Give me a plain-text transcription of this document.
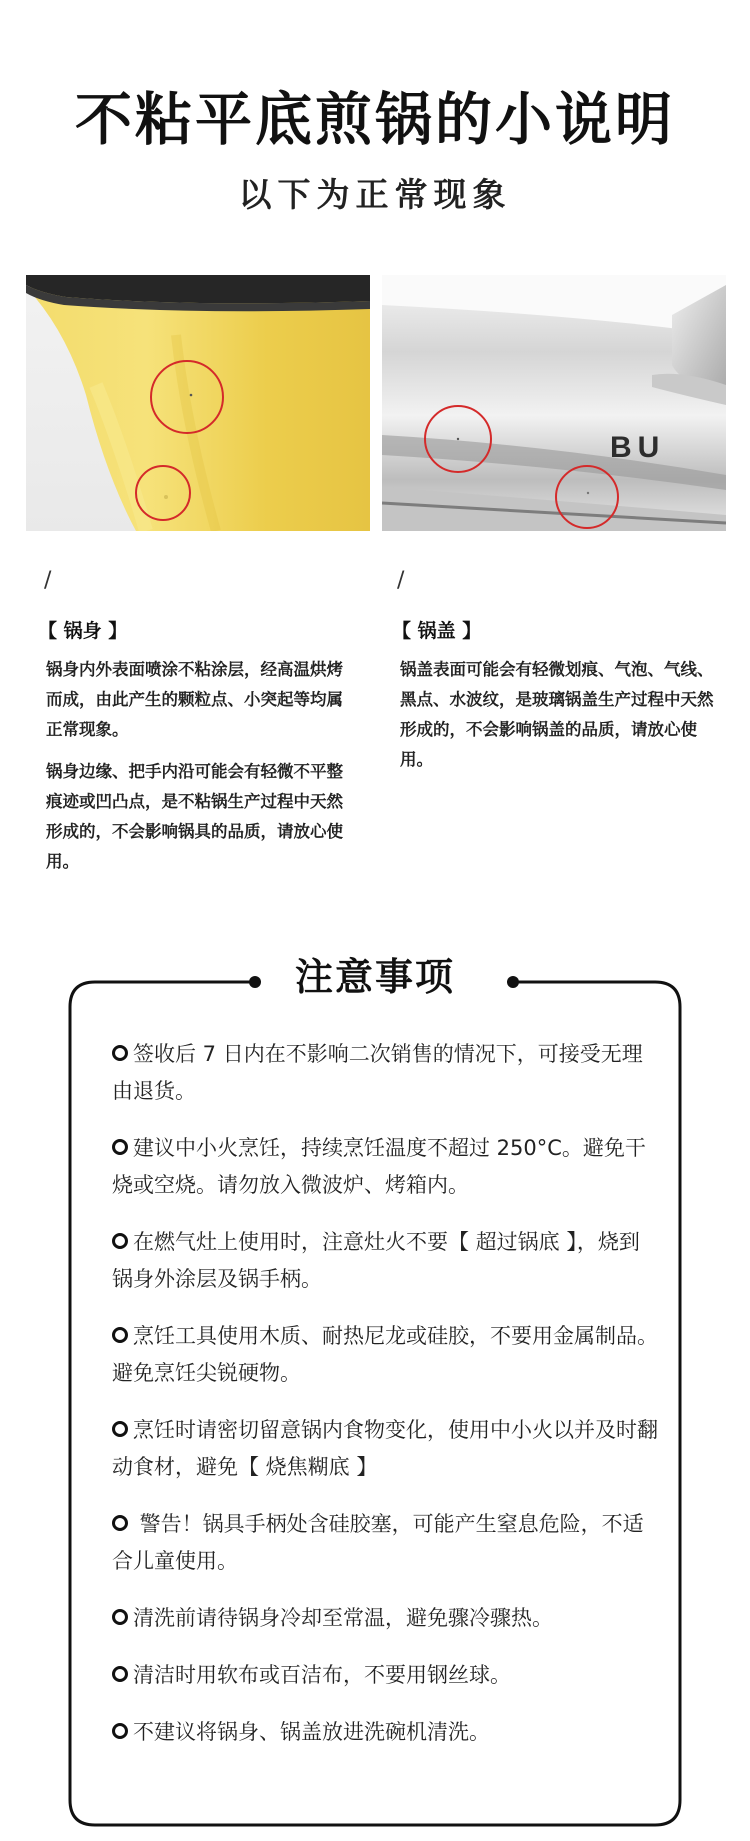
不粘平底煎锅的小说明
以下为正常现象
BU
/	/
【 锅身 】

锅身内外表面喷涂不粘涂层，经高温烘烤而成，由此产生的颗粒点、小突起等均属正常现象。

锅身边缘、把手内沿可能会有轻微不平整痕迹或凹凸点，是不粘锅生产过程中天然形成的，不会影响锅具的品质，请放心使用。

【 锅盖 】

锅盖表面可能会有轻微划痕、气泡、气线、黑点、水波纹，是玻璃锅盖生产过程中天然形成的，不会影响锅盖的品质，请放心使用。

注意事项
签收后 7 日内在不影响二次销售的情况下，可接受无理由退货。
建议中小火烹饪，持续烹饪温度不超过 250°C。避免干烧或空烧。请勿放入微波炉、烤箱内。
在燃气灶上使用时，注意灶火不要【 超过锅底 】，烧到锅身外涂层及锅手柄。
烹饪工具使用木质、耐热尼龙或硅胶，不要用金属制品。避免烹饪尖锐硬物。
烹饪时请密切留意锅内食物变化，使用中小火以并及时翻动食材，避免【 烧焦糊底 】
警告！锅具手柄处含硅胶塞，可能产生窒息危险，不适合儿童使用。
清洗前请待锅身冷却至常温，避免骤冷骤热。
清洁时用软布或百洁布，不要用钢丝球。
不建议将锅身、锅盖放进洗碗机清洗。
